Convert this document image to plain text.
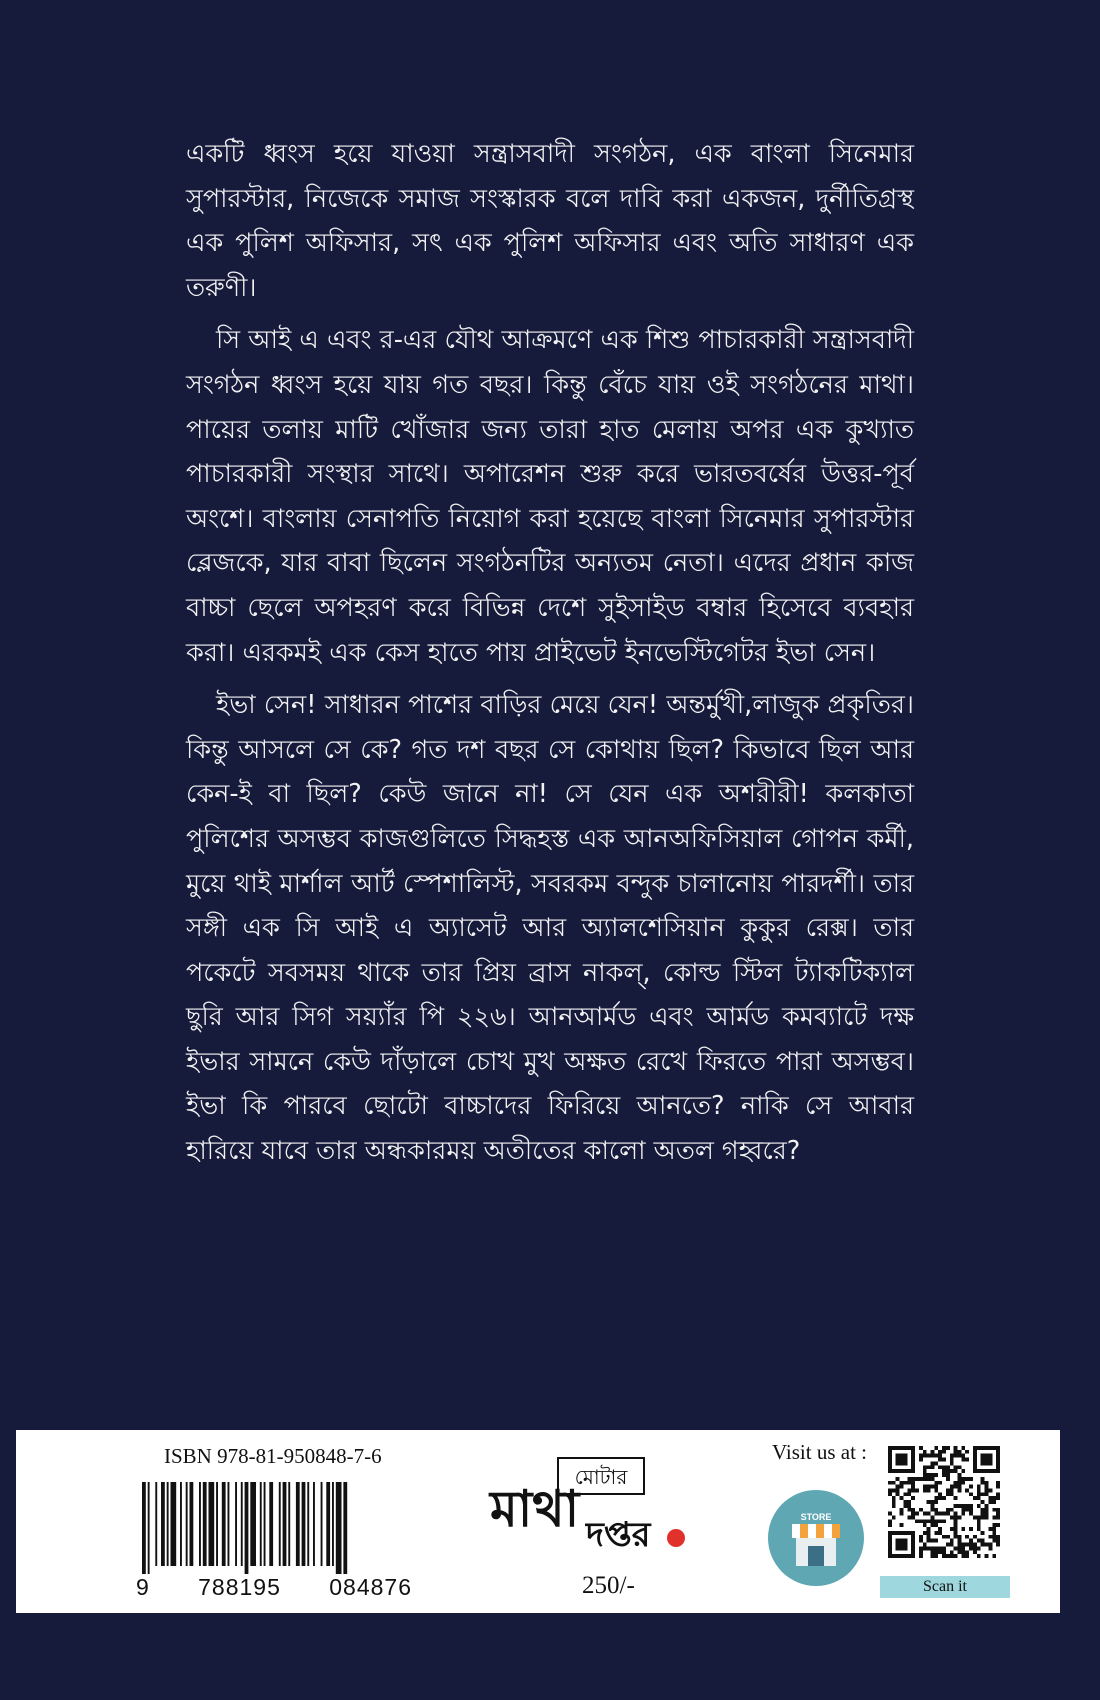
একটি ধ্বংস হয়ে যাওয়া সন্ত্রাসবাদী সংগঠন, এক বাংলা সিনেমার সুপারস্টার, নিজেকে সমাজ সংস্কারক বলে দাবি করা একজন, দুর্নীতিগ্রস্থ এক পুলিশ অফিসার, সৎ এক পুলিশ অফিসার এবং অতি সাধারণ এক তরুণী।

সি আই এ এবং র-এর যৌথ আক্রমণে এক শিশু পাচারকারী সন্ত্রাসবাদী সংগঠন ধ্বংস হয়ে যায় গত বছর। কিন্তু বেঁচে যায় ওই সংগঠনের মাথা। পায়ের তলায় মাটি খোঁজার জন্য তারা হাত মেলায় অপর এক কুখ্যাত পাচারকারী সংস্থার সাথে। অপারেশন শুরু করে ভারতবর্ষের উত্তর-পূর্ব অংশে। বাংলায় সেনাপতি নিয়োগ করা হয়েছে বাংলা সিনেমার সুপারস্টার ব্লেজকে, যার বাবা ছিলেন সংগঠনটির অন্যতম নেতা। এদের প্রধান কাজ বাচ্চা ছেলে অপহরণ করে বিভিন্ন দেশে সুইসাইড বম্বার হিসেবে ব্যবহার করা। এরকমই এক কেস হাতে পায় প্রাইভেট ইনভেস্টিগেটর ইভা সেন।

ইভা সেন! সাধারন পাশের বাড়ির মেয়ে যেন! অন্তর্মুখী,লাজুক প্রকৃতির। কিন্তু আসলে সে কে? গত দশ বছর সে কোথায় ছিল? কিভাবে ছিল আর কেন-ই বা ছিল? কেউ জানে না! সে যেন এক অশরীরী! কলকাতা পুলিশের অসম্ভব কাজগুলিতে সিদ্ধহস্ত এক আনঅফিসিয়াল গোপন কর্মী, মুয়ে থাই মার্শাল আর্ট স্পেশালিস্ট, সবরকম বন্দুক চালানোয় পারদর্শী। তার সঙ্গী এক সি আই এ অ্যাসেট আর অ্যালশেসিয়ান কুকুর রেক্স। তার পকেটে সবসময় থাকে তার প্রিয় ব্রাস নাকল্, কোল্ড স্টিল ট্যাকটিক্যাল ছুরি আর সিগ সয়্যাঁর পি ২২৬। আনআর্মড এবং আর্মড কমব্যাটে দক্ষ ইভার সামনে কেউ দাঁড়ালে চোখ মুখ অক্ষত রেখে ফিরতে পারা অসম্ভব। ইভা কি পারবে ছোটো বাচ্চাদের ফিরিয়ে আনতে? নাকি সে আবার হারিয়ে যাবে তার অন্ধকারময় অতীতের কালো অতল গহ্বরে?

ISBN 978-81-950848-7-6
9 788195 084876
মোটার
মাথা দপ্তর
250/-
Visit us at :
STORE
Scan it
